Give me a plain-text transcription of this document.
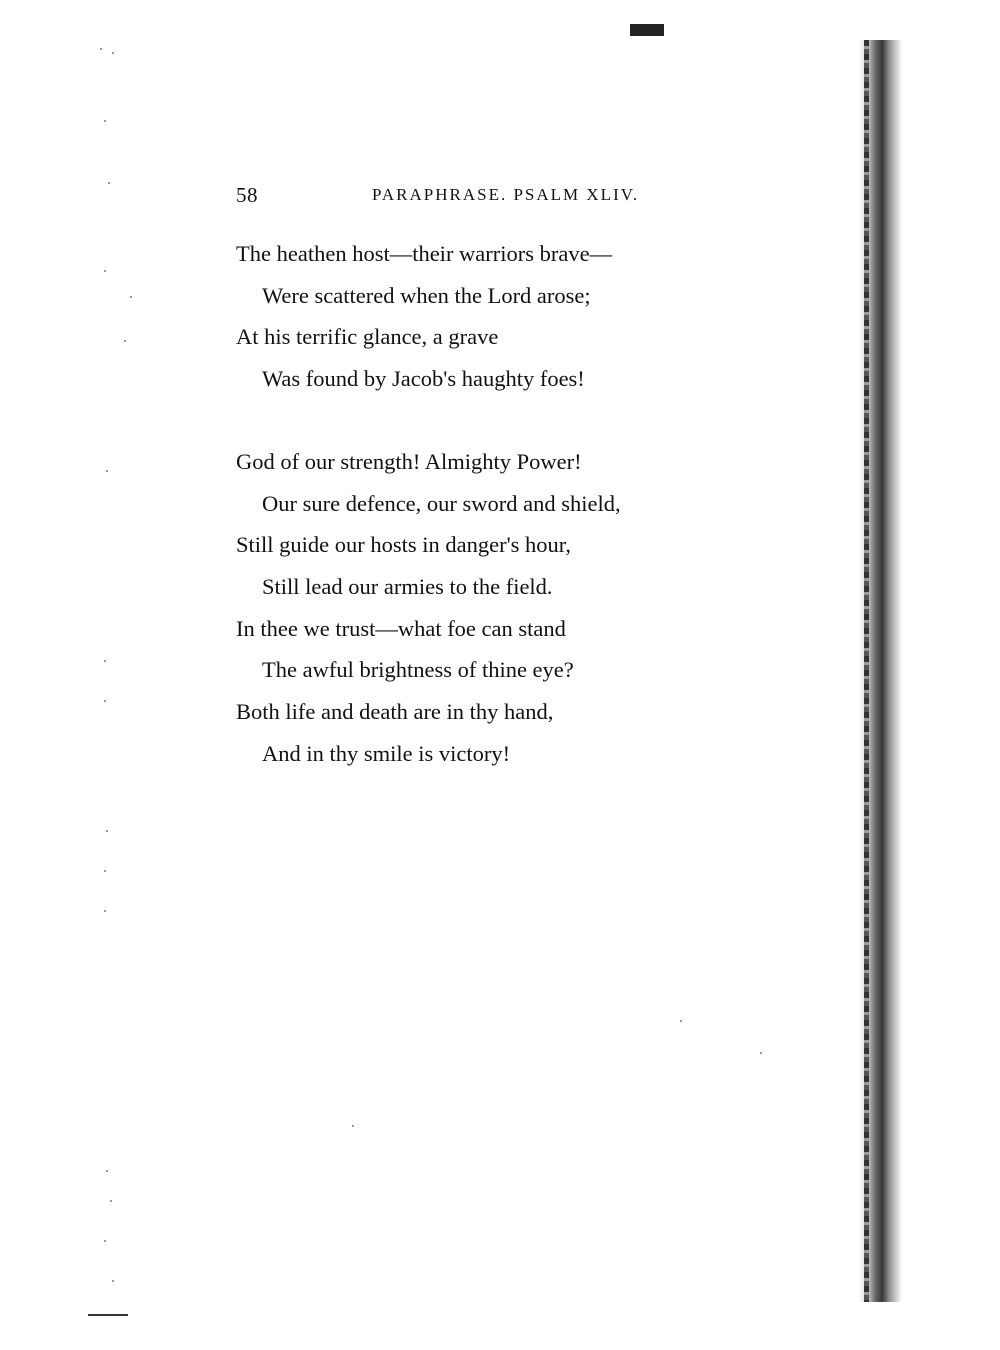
58	PARAPHRASE. PSALM XLIV.
The heathen host—their warriors brave—
Were scattered when the Lord arose;
At his terrific glance, a grave
Was found by Jacob's haughty foes!
God of our strength! Almighty Power!
Our sure defence, our sword and shield,
Still guide our hosts in danger's hour,
Still lead our armies to the field.
In thee we trust—what foe can stand
The awful brightness of thine eye?
Both life and death are in thy hand,
And in thy smile is victory!
